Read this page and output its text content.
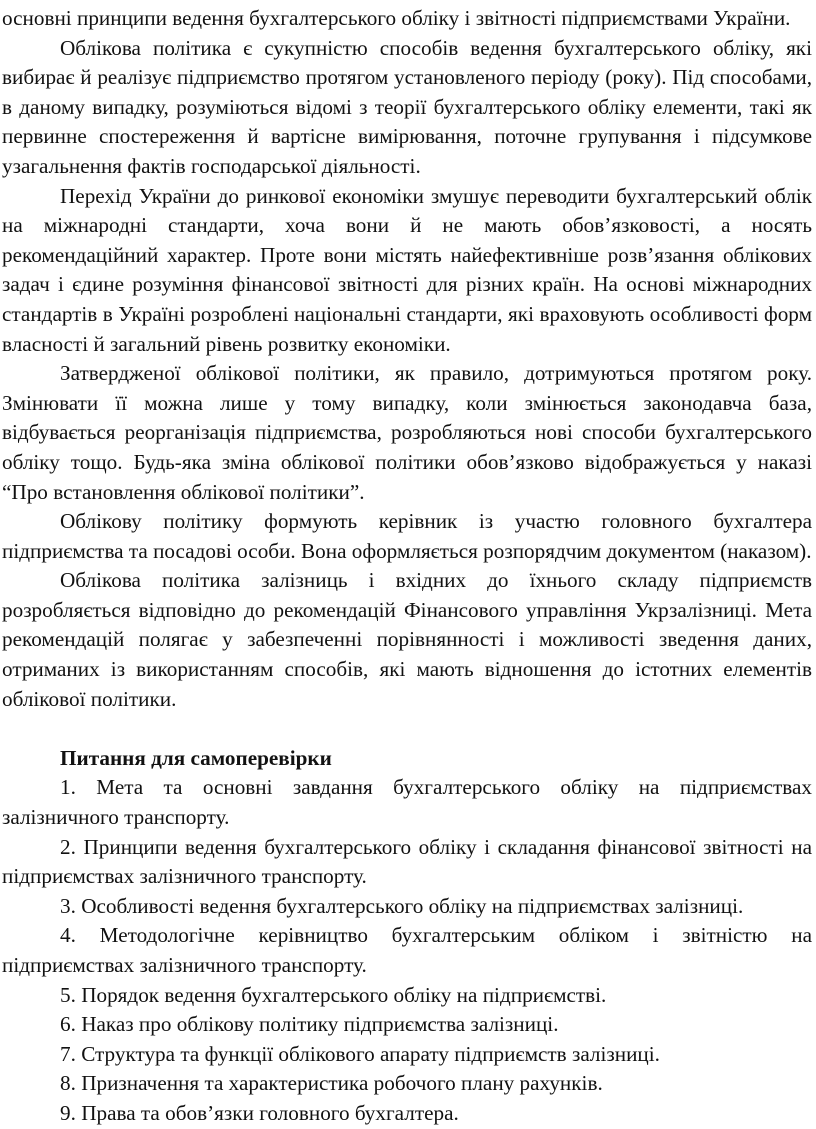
основні принципи ведення бухгалтерського обліку і звітності підприємствами України.

Облікова політика є сукупністю способів ведення бухгалтерського обліку, які вибирає й реалізує підприємство протягом установленого періоду (року). Під способами, в даному випадку, розуміються відомі з теорії бухгалтерського обліку елементи, такі як первинне спостереження й вартісне вимірювання, поточне групування і підсумкове узагальнення фактів господарської діяльності.

Перехід України до ринкової економіки змушує переводити бухгалтерський облік на міжнародні стандарти, хоча вони й не мають обов’язковості, а носять рекомендаційний характер. Проте вони містять найефективніше розв’язання облікових задач і єдине розуміння фінансової звітності для різних країн. На основі міжнародних стандартів в Україні розроблені національні стандарти, які враховують особливості форм власності й загальний рівень розвитку економіки.

Затвердженої облікової політики, як правило, дотримуються протягом року. Змінювати її можна лише у тому випадку, коли змінюється законодавча база, відбувається реорганізація підприємства, розробляються нові способи бухгалтерського обліку тощо. Будь-яка зміна облікової політики обов’язково відображується у наказі “Про встановлення облікової політики”.

Облікову політику формують керівник із участю головного бухгалтера підприємства та посадові особи. Вона оформляється розпорядчим документом (наказом).

Облікова політика залізниць і вхідних до їхнього складу підприємств розробляється відповідно до рекомендацій Фінансового управління Укрзалізниці. Мета рекомендацій полягає у забезпеченні порівнянності і можливості зведення даних, отриманих із використанням способів, які мають відношення до істотних елементів облікової політики.

Питання для самоперевірки

1. Мета та основні завдання бухгалтерського обліку на підприємствах залізничного транспорту.

2. Принципи ведення бухгалтерського обліку і складання фінансової звітності на підприємствах залізничного транспорту.

3. Особливості ведення бухгалтерського обліку на підприємствах залізниці.

4. Методологічне керівництво бухгалтерським обліком і звітністю на підприємствах залізничного транспорту.

5. Порядок ведення бухгалтерського обліку на підприємстві.

6. Наказ про облікову політику підприємства залізниці.

7. Структура та функції облікового апарату підприємств залізниці.

8. Призначення та характеристика робочого плану рахунків.

9. Права та обов’язки головного бухгалтера.
